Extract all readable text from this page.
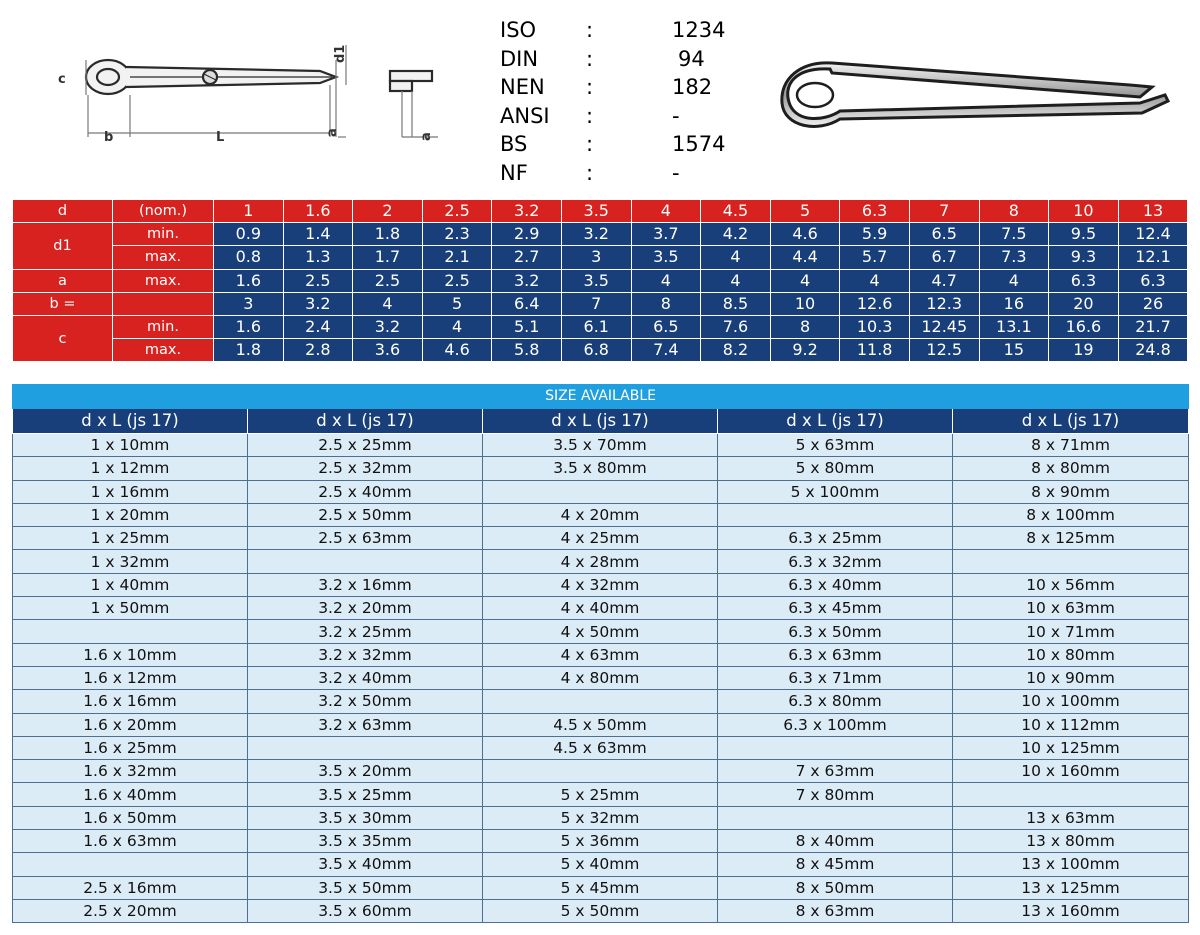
c
b	L
d1
a	a
ISO :	1234
DIN :	94
NEN :	182
ANSI :	-
BS	:	1574
NF	:	-
d	(nom.)	1	1.6	2	2.5	3.2	3.5	4	4.5	5	6.3	7	8	10	13
d1	min.	0.9	1.4	1.8	2.3	2.9	3.2	3.7	4.2	4.6	5.9	6.5	7.5	9.5	12.4
	max.	0.8	1.3	1.7	2.1	2.7	3	3.5	4	4.4	5.7	6.7	7.3	9.3	12.1
a	max.	1.6	2.5	2.5	2.5	3.2	3.5	4	4	4	4	4.7	4	6.3	6.3
b =		3	3.2	4	5	6.4	7	8	8.5	10	12.6	12.3	16	20	26
c	min.	1.6	2.4	3.2	4	5.1	6.1	6.5	7.6	8	10.3	12.45	13.1	16.6	21.7
	max.	1.8	2.8	3.6	4.6	5.8	6.8	7.4	8.2	9.2	11.8	12.5	15	19	24.8
SIZE AVAILABLE				
d x L (js 17)	d x L (js 17)	d x L (js 17)	d x L (js 17)	d x L (js 17)
1 x 10mm	2.5 x 25mm	3.5 x 70mm	5 x 63mm	8 x 71mm
1 x 12mm	2.5 x 32mm	3.5 x 80mm	5 x 80mm	8 x 80mm
1 x 16mm	2.5 x 40mm		5 x 100mm	8 x 90mm
1 x 20mm	2.5 x 50mm	4 x 20mm		8 x 100mm
1 x 25mm	2.5 x 63mm	4 x 25mm	6.3 x 25mm	8 x 125mm
1 x 32mm		4 x 28mm	6.3 x 32mm	
1 x 40mm	3.2 x 16mm	4 x 32mm	6.3 x 40mm	10 x 56mm
1 x 50mm	3.2 x 20mm	4 x 40mm	6.3 x 45mm	10 x 63mm
	3.2 x 25mm	4 x 50mm	6.3 x 50mm	10 x 71mm
1.6 x 10mm	3.2 x 32mm	4 x 63mm	6.3 x 63mm	10 x 80mm
1.6 x 12mm	3.2 x 40mm	4 x 80mm	6.3 x 71mm	10 x 90mm
1.6 x 16mm	3.2 x 50mm		6.3 x 80mm	10 x 100mm
1.6 x 20mm	3.2 x 63mm	4.5 x 50mm	6.3 x 100mm	10 x 112mm
1.6 x 25mm		4.5 x 63mm		10 x 125mm
1.6 x 32mm	3.5 x 20mm		7 x 63mm	10 x 160mm
1.6 x 40mm	3.5 x 25mm	5 x 25mm	7 x 80mm	
1.6 x 50mm	3.5 x 30mm	5 x 32mm		13 x 63mm
1.6 x 63mm	3.5 x 35mm	5 x 36mm	8 x 40mm	13 x 80mm
	3.5 x 40mm	5 x 40mm	8 x 45mm	13 x 100mm
2.5 x 16mm	3.5 x 50mm	5 x 45mm	8 x 50mm	13 x 125mm
2.5 x 20mm	3.5 x 60mm	5 x 50mm	8 x 63mm	13 x 160mm
